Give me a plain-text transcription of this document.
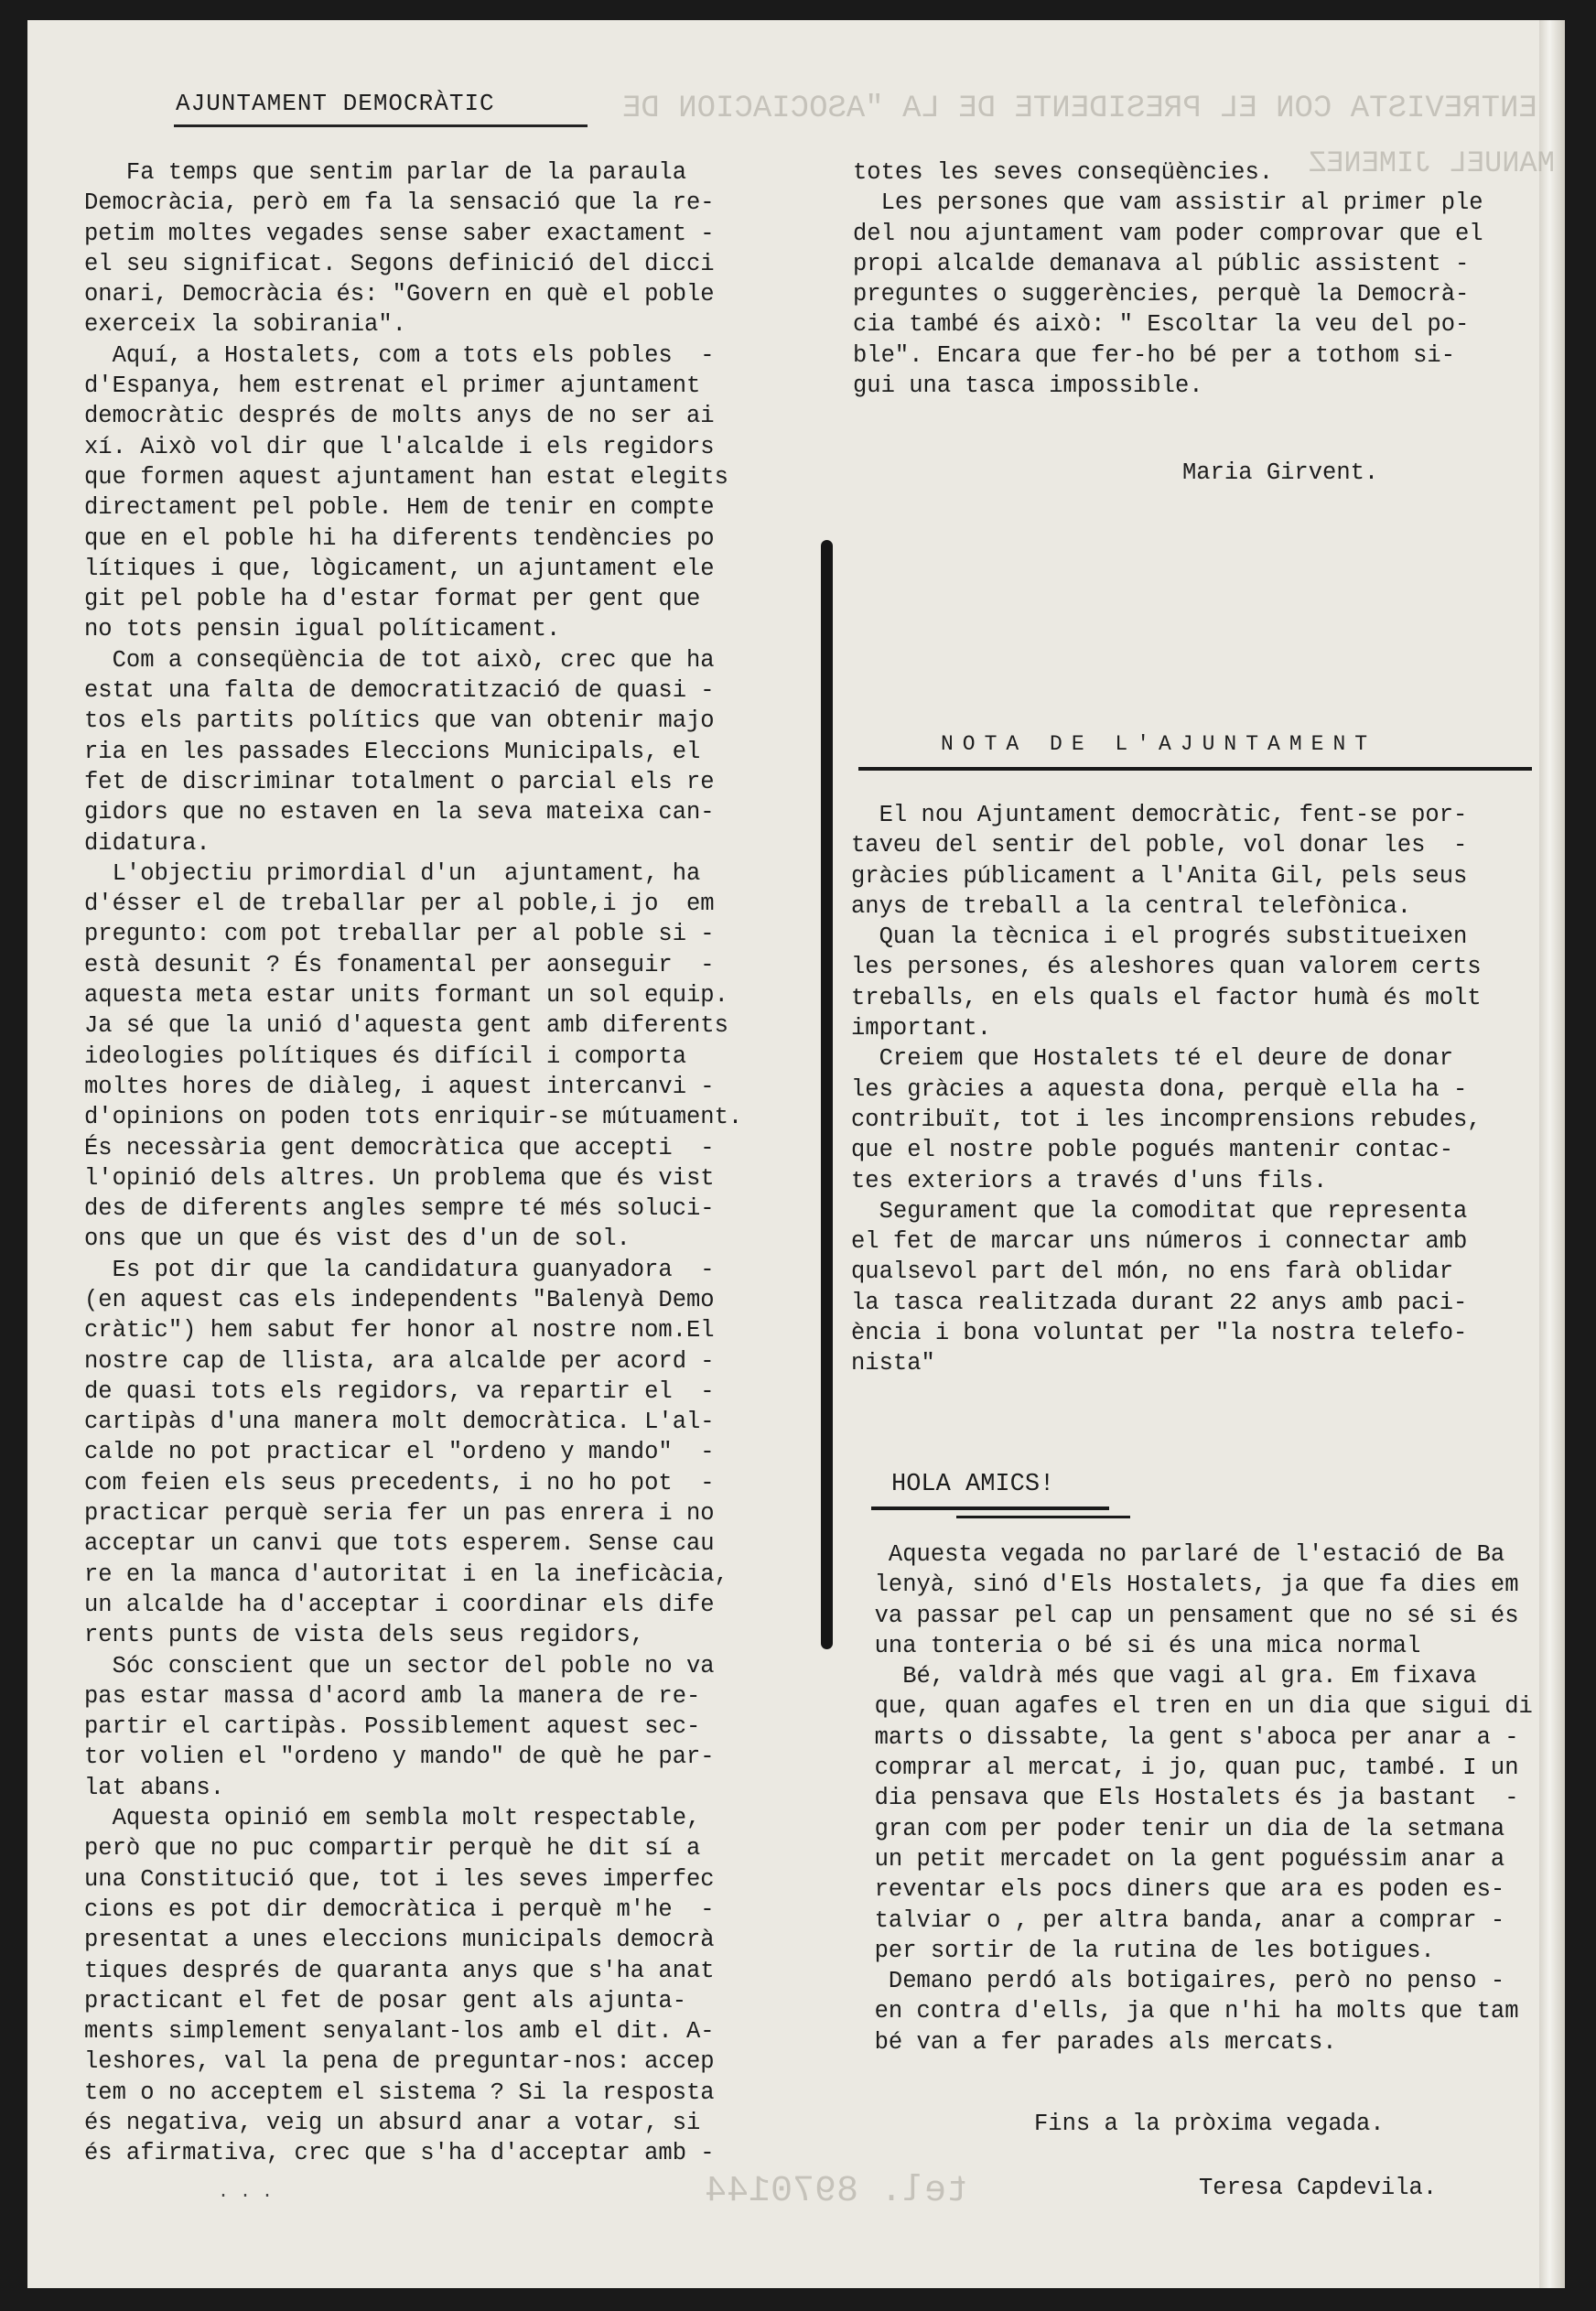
ENTREVISTA CON EL PRESIDENTE DE LA "ASOCIACION DE
MANUEL JIMENEZ
tel. 8970144
AJUNTAMENT DEMOCRÀTIC

Fa temps que sentim parlar de la paraula

Democràcia, però em fa la sensació que la re-

petim moltes vegades sense saber exactament -

el seu significat. Segons definició del dicci

onari, Democràcia és: "Govern en què el poble

exerceix la sobirania".

Aquí, a Hostalets, com a tots els pobles  -

d'Espanya, hem estrenat el primer ajuntament

democràtic després de molts anys de no ser ai

xí. Això vol dir que l'alcalde i els regidors

que formen aquest ajuntament han estat elegits

directament pel poble. Hem de tenir en compte

que en el poble hi ha diferents tendències po

lítiques i que, lògicament, un ajuntament ele

git pel poble ha d'estar format per gent que

no tots pensin igual políticament.

Com a conseqüència de tot això, crec que ha

estat una falta de democratització de quasi -

tos els partits polítics que van obtenir majo

ria en les passades Eleccions Municipals, el

fet de discriminar totalment o parcial els re

gidors que no estaven en la seva mateixa can-

didatura.

L'objectiu primordial d'un  ajuntament, ha

d'ésser el de treballar per al poble,i jo  em

pregunto: com pot treballar per al poble si -

està desunit ? És fonamental per aonseguir  -

aquesta meta estar units formant un sol equip.

Ja sé que la unió d'aquesta gent amb diferents

ideologies polítiques és difícil i comporta

moltes hores de diàleg, i aquest intercanvi -

d'opinions on poden tots enriquir-se mútuament.

És necessària gent democràtica que accepti  -

l'opinió dels altres. Un problema que és vist

des de diferents angles sempre té més soluci-

ons que un que és vist des d'un de sol.

Es pot dir que la candidatura guanyadora  -

(en aquest cas els independents "Balenyà Demo

cràtic") hem sabut fer honor al nostre nom.El

nostre cap de llista, ara alcalde per acord -

de quasi tots els regidors, va repartir el  -

cartipàs d'una manera molt democràtica. L'al-

calde no pot practicar el "ordeno y mando"  -

com feien els seus precedents, i no ho pot  -

practicar perquè seria fer un pas enrera i no

acceptar un canvi que tots esperem. Sense cau

re en la manca d'autoritat i en la ineficàcia,

un alcalde ha d'acceptar i coordinar els dife

rents punts de vista dels seus regidors,

Sóc conscient que un sector del poble no va

pas estar massa d'acord amb la manera de re-

partir el cartipàs. Possiblement aquest sec-

tor volien el "ordeno y mando" de què he par-

lat abans.

Aquesta opinió em sembla molt respectable,

però que no puc compartir perquè he dit sí a

una Constitució que, tot i les seves imperfec

cions es pot dir democràtica i perquè m'he  -

presentat a unes eleccions municipals democrà

tiques després de quaranta anys que s'ha anat

practicant el fet de posar gent als ajunta-

ments simplement senyalant-los amb el dit. A-

leshores, val la pena de preguntar-nos: accep

tem o no acceptem el sistema ? Si la resposta

és negativa, veig un absurd anar a votar, si

és afirmativa, crec que s'ha d'acceptar amb -

totes les seves conseqüències.

Les persones que vam assistir al primer ple

del nou ajuntament vam poder comprovar que el

propi alcalde demanava al públic assistent -

preguntes o suggerències, perquè la Democrà-

cia també és això: " Escoltar la veu del po-

ble". Encara que fer-ho bé per a tothom si-

gui una tasca impossible.

Maria Girvent.
NOTA DE L'AJUNTAMENT

El nou Ajuntament democràtic, fent-se por-

taveu del sentir del poble, vol donar les  -

gràcies públicament a l'Anita Gil, pels seus

anys de treball a la central telefònica.

Quan la tècnica i el progrés substitueixen

les persones, és aleshores quan valorem certs

treballs, en els quals el factor humà és molt

important.

Creiem que Hostalets té el deure de donar

les gràcies a aquesta dona, perquè ella ha -

contribuït, tot i les incomprensions rebudes,

que el nostre poble pogués mantenir contac-

tes exteriors a través d'uns fils.

Segurament que la comoditat que representa

el fet de marcar uns números i connectar amb

qualsevol part del món, no ens farà oblidar

la tasca realitzada durant 22 anys amb paci-

ència i bona voluntat per "la nostra telefo-

nista"

HOLA AMICS!

Aquesta vegada no parlaré de l'estació de Ba

lenyà, sinó d'Els Hostalets, ja que fa dies em

va passar pel cap un pensament que no sé si és

una tonteria o bé si és una mica normal

Bé, valdrà més que vagi al gra. Em fixava

que, quan agafes el tren en un dia que sigui di

marts o dissabte, la gent s'aboca per anar a -

comprar al mercat, i jo, quan puc, també. I un

dia pensava que Els Hostalets és ja bastant  -

gran com per poder tenir un dia de la setmana

un petit mercadet on la gent poguéssim anar a

reventar els pocs diners que ara es poden es-

talviar o , per altra banda, anar a comprar -

per sortir de la rutina de les botigues.

Demano perdó als botigaires, però no penso -

en contra d'ells, ja que n'hi ha molts que tam

bé van a fer parades als mercats.

Fins a la pròxima vegada.
Teresa Capdevila.
. . .
